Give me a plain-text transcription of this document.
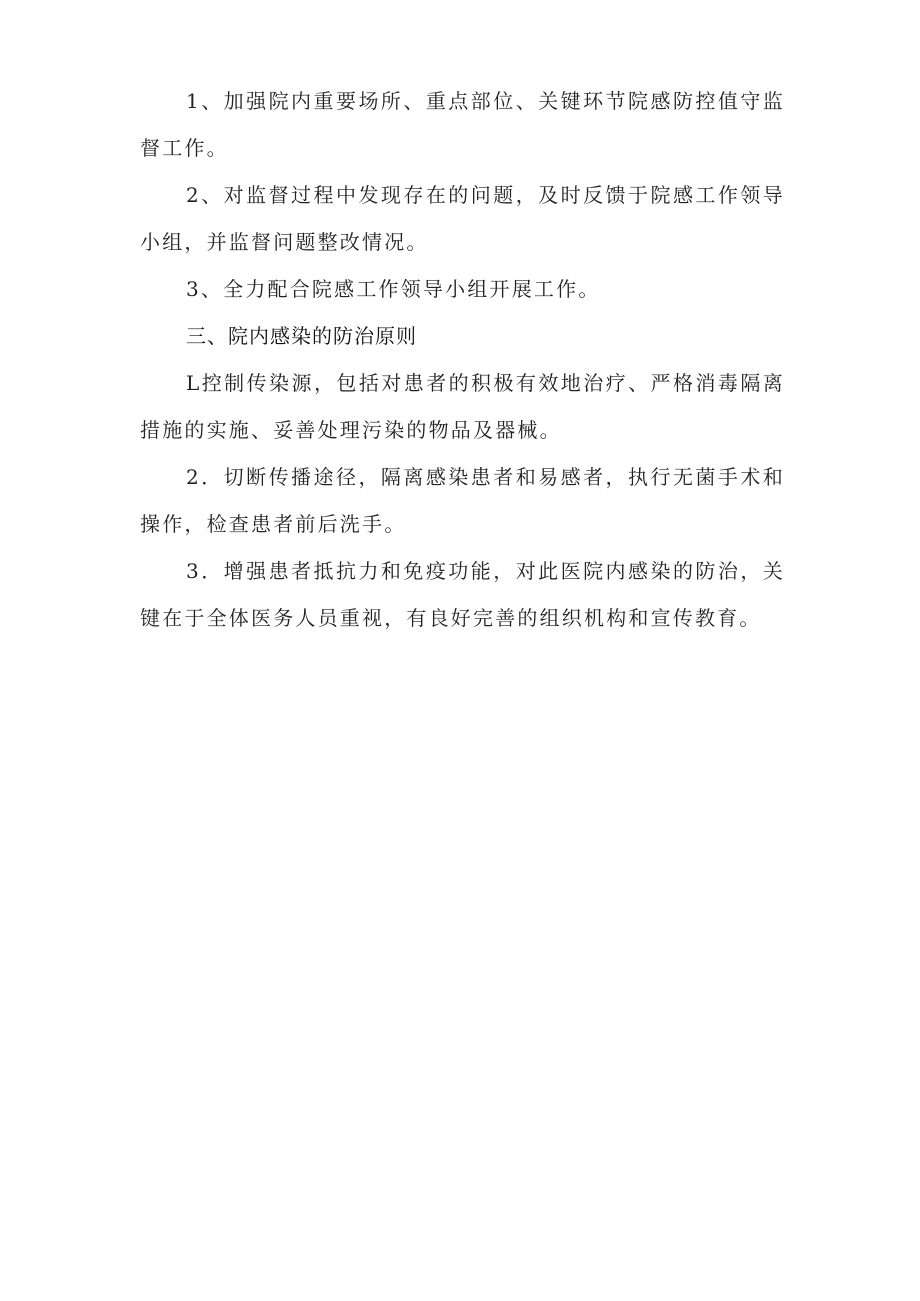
1、加强院内重要场所、重点部位、关键环节院感防控值守监督工作。

2、对监督过程中发现存在的问题，及时反馈于院感工作领导小组，并监督问题整改情况。

3、全力配合院感工作领导小组开展工作。

三、院内感染的防治原则

L控制传染源，包括对患者的积极有效地治疗、严格消毒隔离措施的实施、妥善处理污染的物品及器械。

2．切断传播途径，隔离感染患者和易感者，执行无菌手术和操作，检查患者前后洗手。

3．增强患者抵抗力和免疫功能，对此医院内感染的防治，关键在于全体医务人员重视，有良好完善的组织机构和宣传教育。
